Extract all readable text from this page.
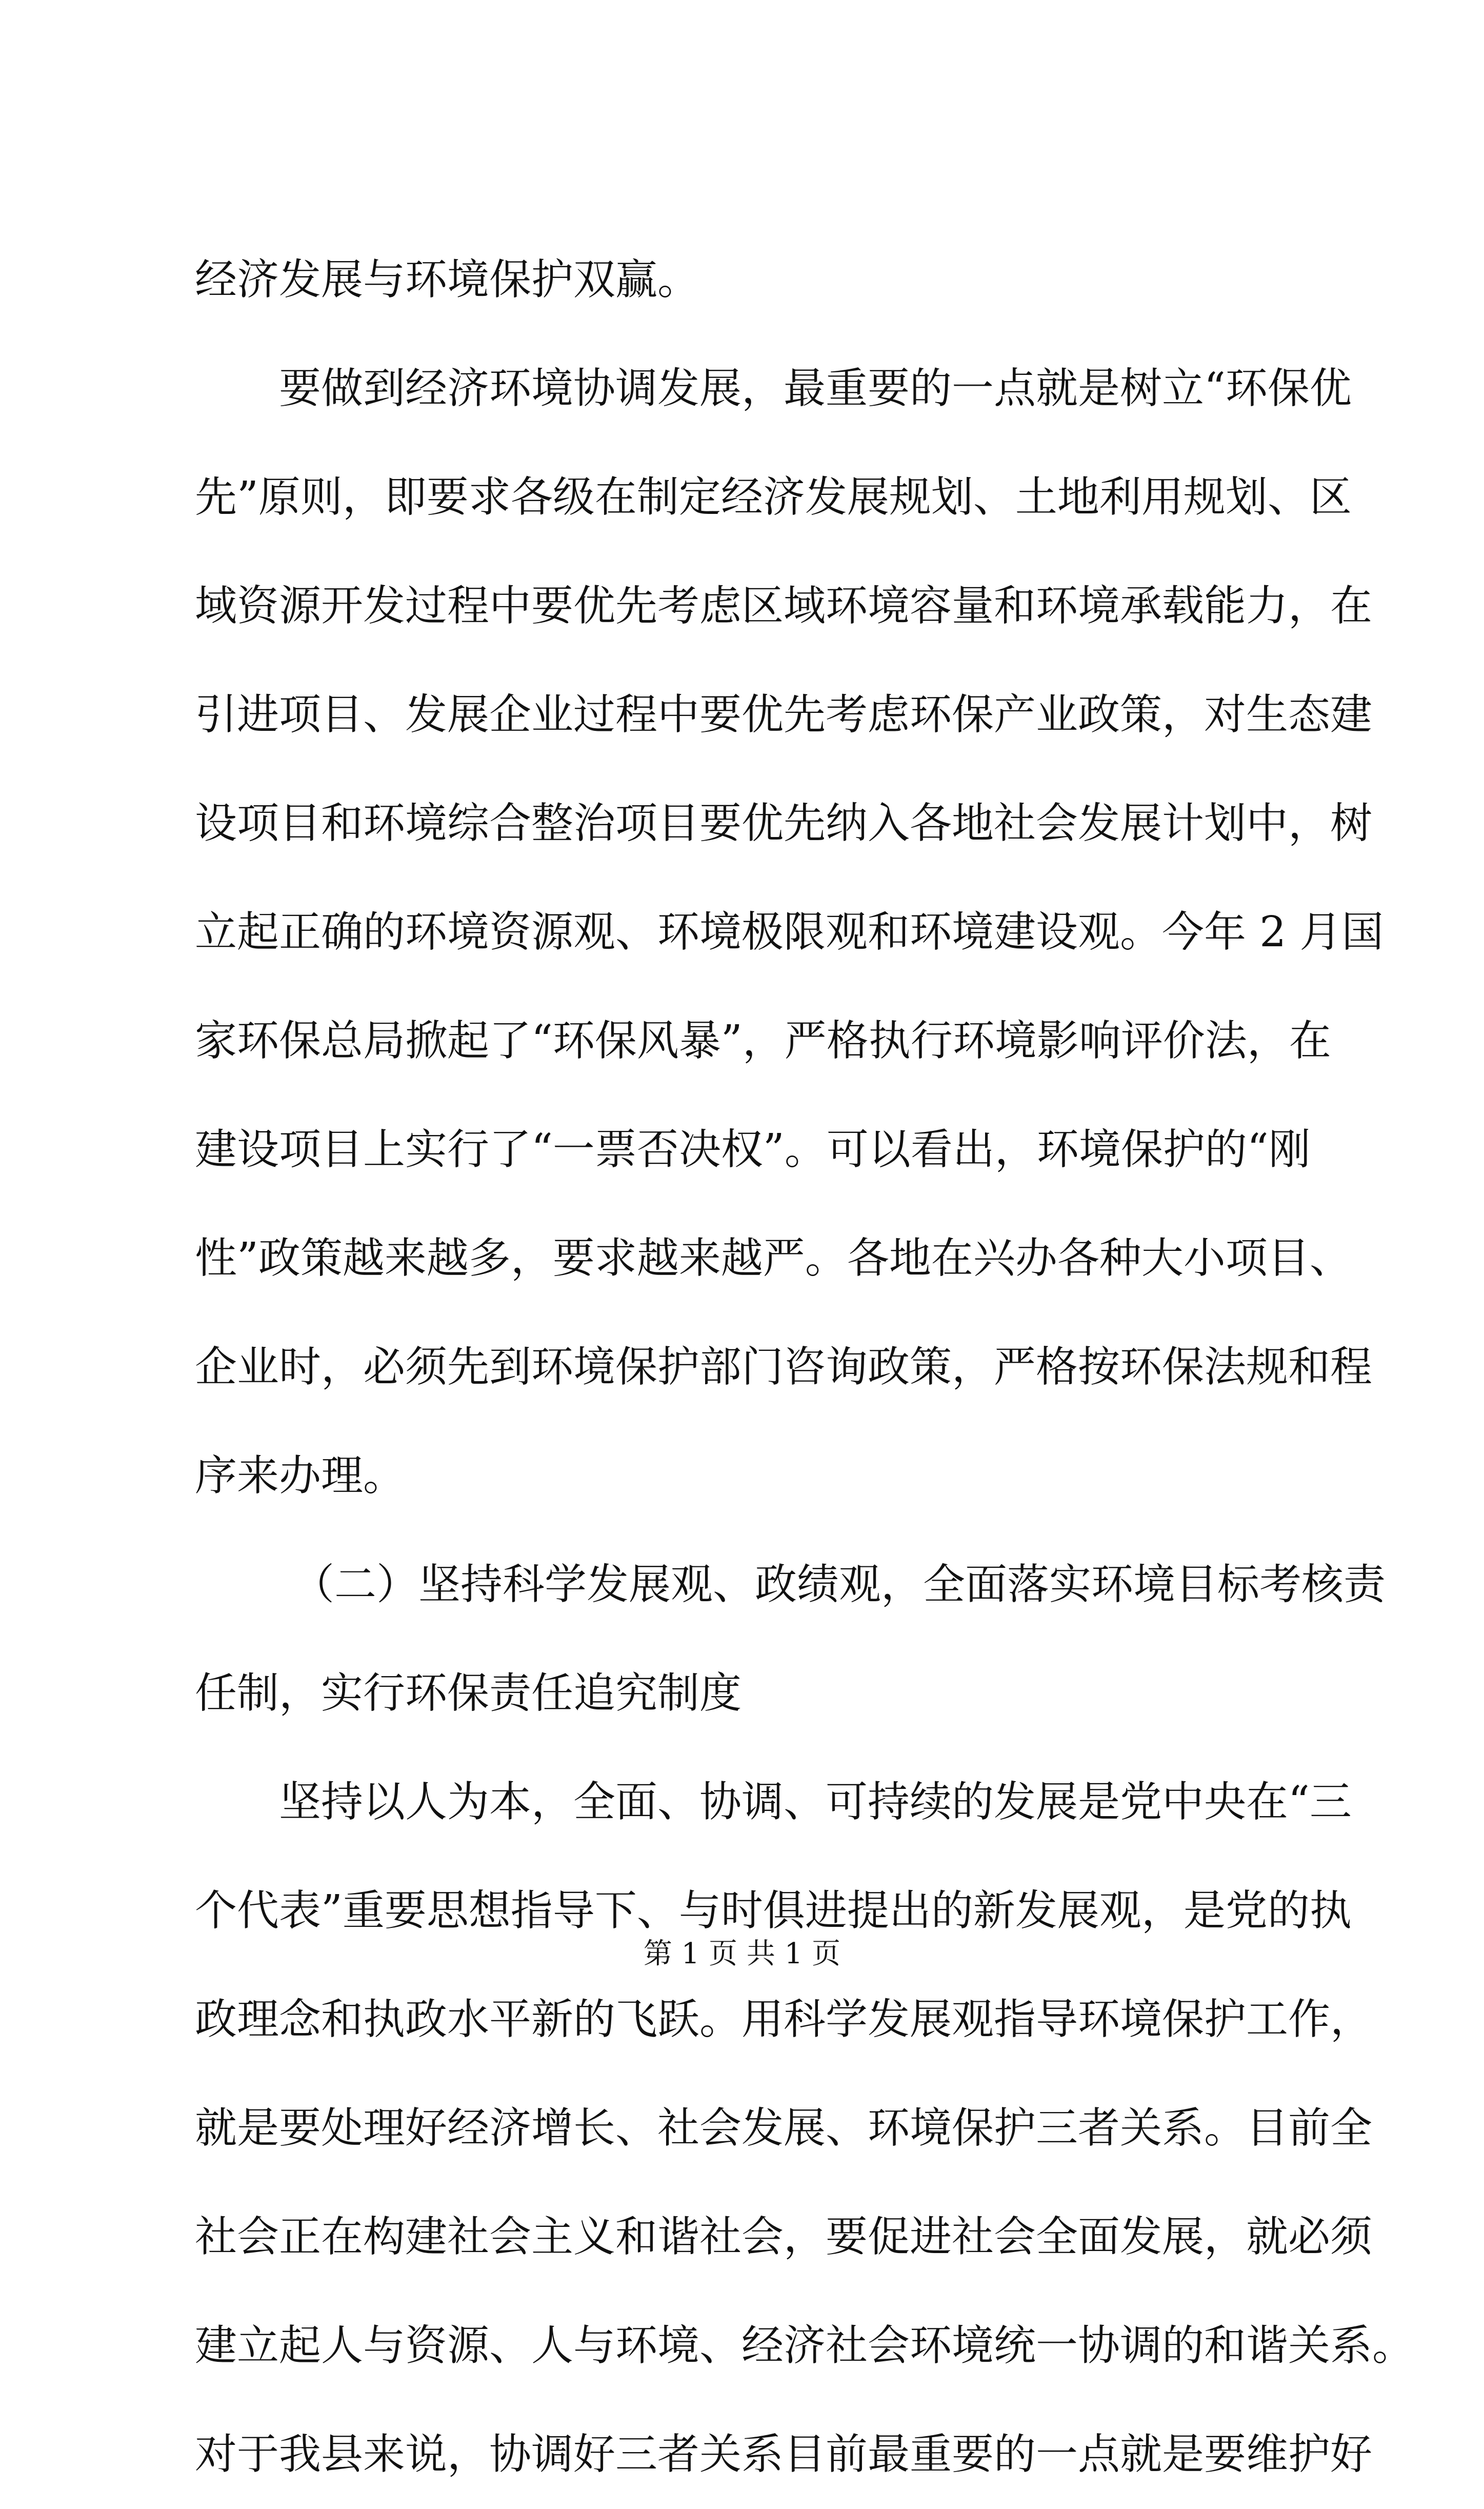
经济发展与环境保护双赢。
要做到经济环境协调发展，最重要的一点就是树立“环保优
先”原则，即要求各级在制定经济发展规划、土地利用规划、区
域资源开发过程中要优先考虑区域环境容量和环境承载能力，在
引进项目、发展企业过程中要优先考虑环保产业政策，对生态建
设项目和环境综合整治项目要优先纳入各地社会发展计划中，树
立起正确的环境资源观、环境极限观和环境建设观。今年 2 月国
家环保总局掀起了“环保风暴”，严格执行环境影响评价法，在
建设项目上实行了“一票否决权”。可以看出，环境保护的“刚
性”政策越来越多，要求越来越严。各地在兴办各种大小项目、
企业时，必须先到环境保护部门咨询政策，严格按环保法规和程
序来办理。
（二）坚持科学发展观、政绩观，全面落实环境目标考核责
任制，实行环保责任追究制度
坚持以人为本，全面、协调、可持续的发展是党中央在“三
个代表”重要思想指导下、与时俱进提出的新发展观，是党的执
政理念和执政水平新的飞跃。用科学发展观指导环境保护工作，
就是要处理好经济增长、社会发展、环境保护三者关系。目前全
社会正在构建社会主义和谐社会，要促进社会全面发展，就必须
建立起人与资源、人与环境、经济社会环境统一协调的和谐关系。
对于我县来说，协调好三者关系目前最重要的一点就是要维护好
第 1 页 共 1 页
